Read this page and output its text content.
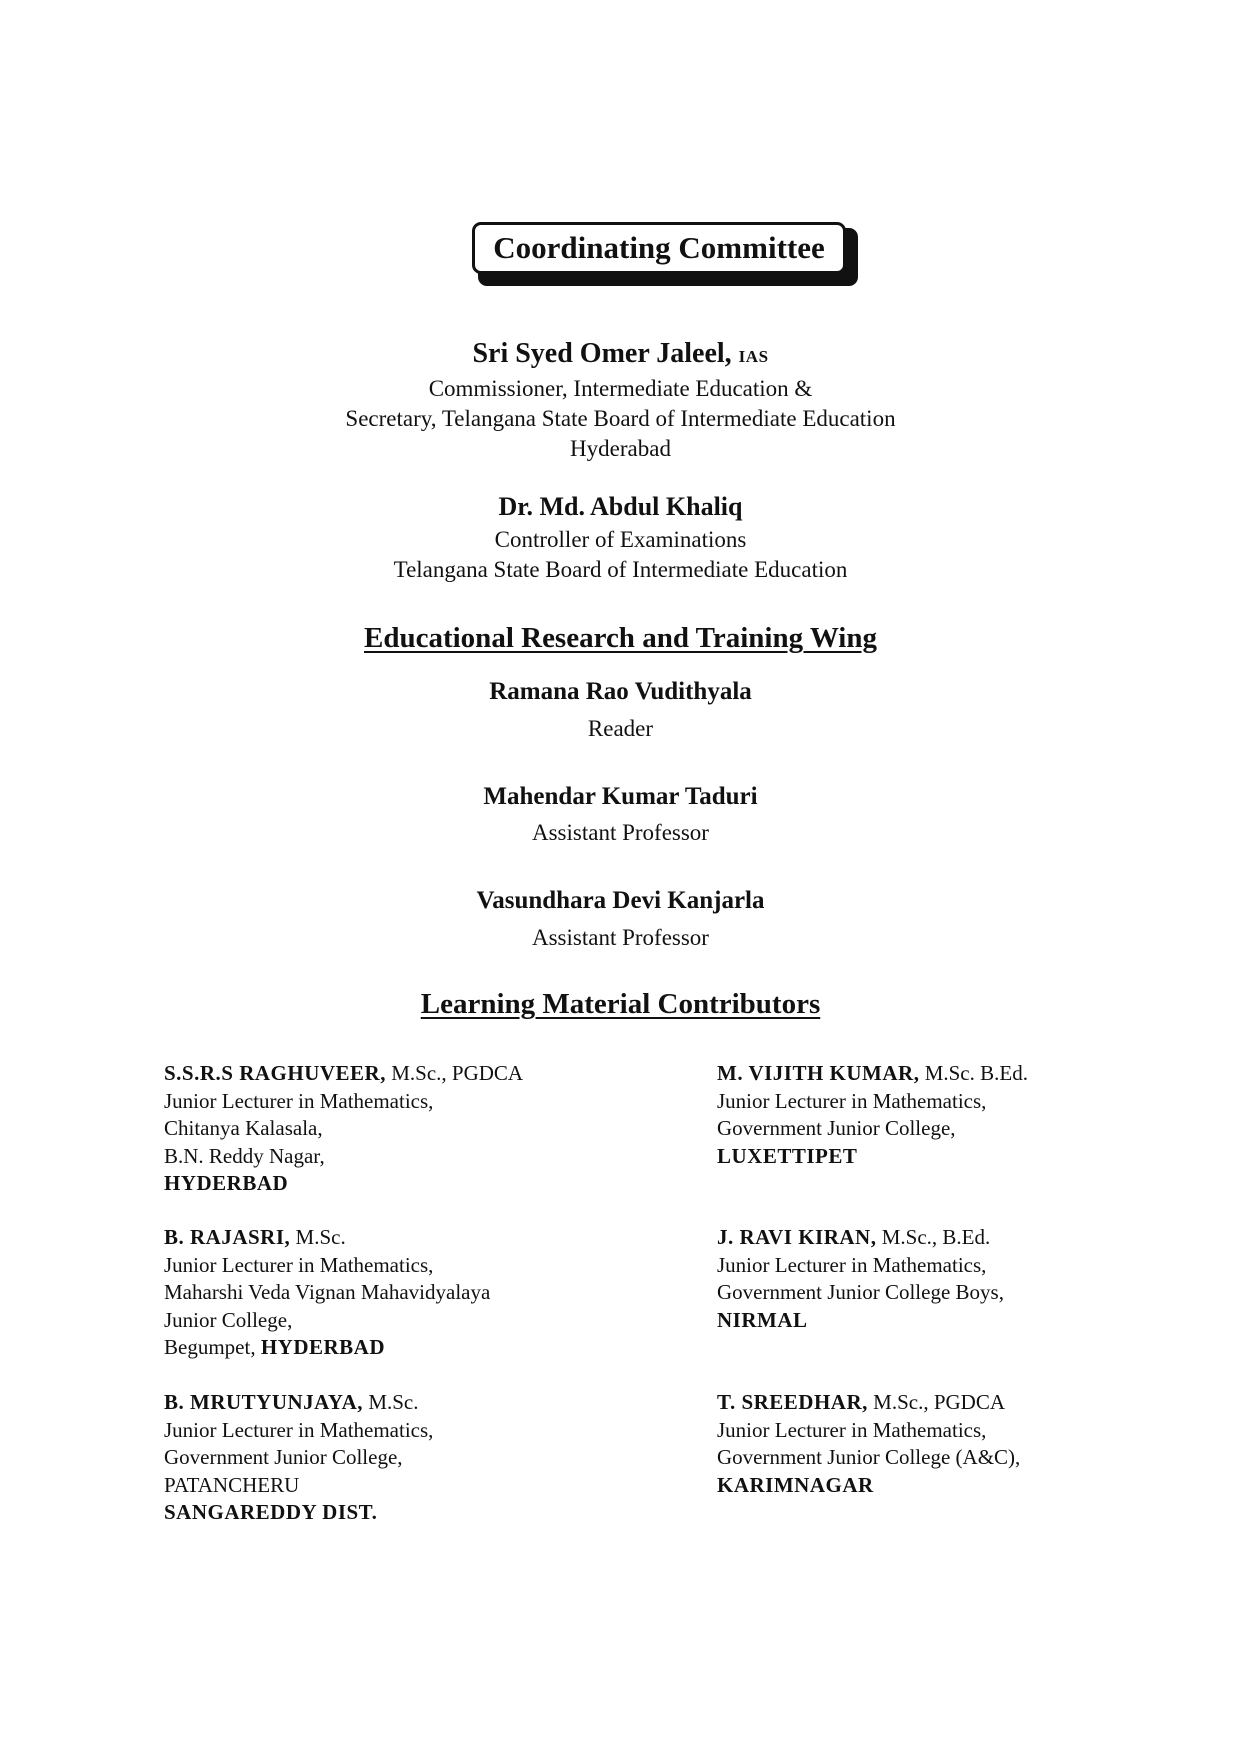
Coordinating Committee
Sri Syed Omer Jaleel, IAS
Commissioner, Intermediate Education &
Secretary, Telangana State Board of Intermediate Education
Hyderabad
Dr. Md. Abdul Khaliq
Controller of Examinations
Telangana State Board of Intermediate Education
Educational Research and Training Wing
Ramana Rao Vudithyala
Reader
Mahendar Kumar Taduri
Assistant Professor
Vasundhara Devi Kanjarla
Assistant Professor
Learning Material Contributors
S.S.R.S RAGHUVEER, M.Sc., PGDCA
Junior Lecturer in Mathematics,
Chitanya Kalasala,
B.N. Reddy Nagar,
HYDERBAD
M. VIJITH KUMAR, M.Sc. B.Ed.
Junior Lecturer in Mathematics,
Government Junior College,
LUXETTIPET
B. RAJASRI, M.Sc.
Junior Lecturer in Mathematics,
Maharshi Veda Vignan Mahavidyalaya
Junior College,
Begumpet, HYDERBAD
J. RAVI KIRAN, M.Sc., B.Ed.
Junior Lecturer in Mathematics,
Government Junior College Boys,
NIRMAL
B. MRUTYUNJAYA, M.Sc.
Junior Lecturer in Mathematics,
Government Junior College,
PATANCHERU
SANGAREDDY DIST.
T. SREEDHAR, M.Sc., PGDCA
Junior Lecturer in Mathematics,
Government Junior College (A&C),
KARIMNAGAR
